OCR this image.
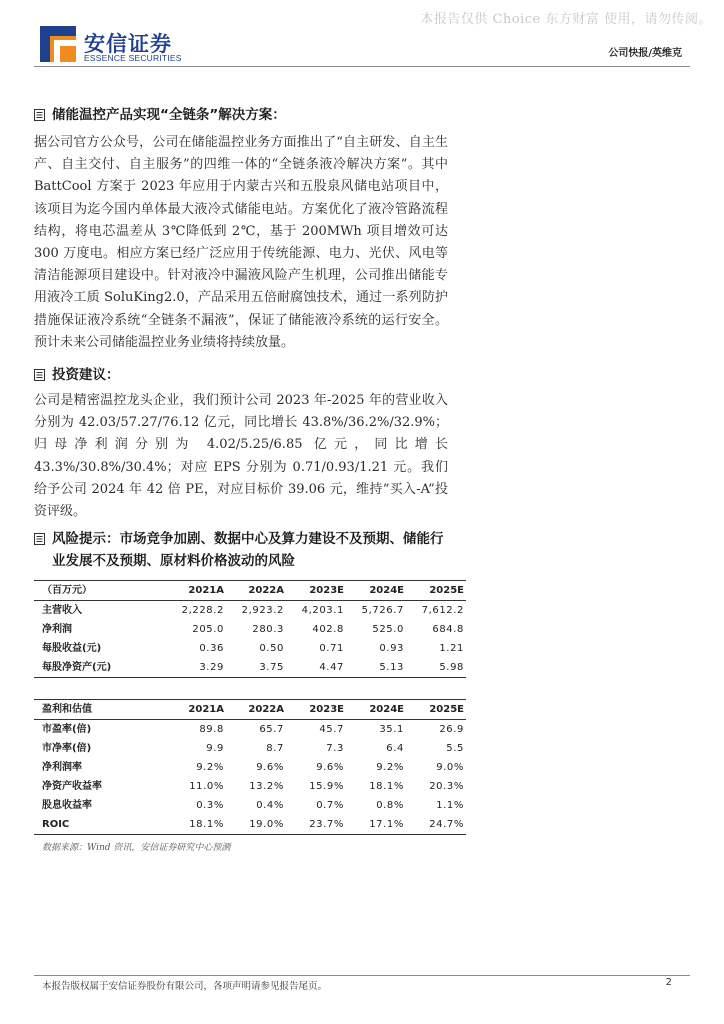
本报告仅供 Choice 东方财富 使用，请勿传阅。
安信证券
ESSENCE SECURITIES	公司快报/英维克
储能温控产品实现“全链条”解决方案：

据公司官方公众号，公司在储能温控业务方面推出了“自主研发、自主生产、自主交付、自主服务”的四维一体的“全链条液冷解决方案”。其中 BattCool 方案于 2023 年应用于内蒙古兴和五股泉风储电站项目中，该项目为迄今国内单体最大液冷式储能电站。方案优化了液冷管路流程结构，将电芯温差从 3℃降低到 2℃，基于 200MWh 项目增效可达 300 万度电。相应方案已经广泛应用于传统能源、电力、光伏、风电等清洁能源项目建设中。针对液冷中漏液风险产生机理，公司推出储能专用液冷工质 SoluKing2.0，产品采用五倍耐腐蚀技术，通过一系列防护措施保证液冷系统“全链条不漏液”，保证了储能液冷系统的运行安全。预计未来公司储能温控业务业绩将持续放量。

投资建议：

公司是精密温控龙头企业，我们预计公司 2023 年-2025 年的营业收入分别为 42.03/57.27/76.12 亿元，同比增长 43.8%/36.2%/32.9%；归母净利润分别为 4.02/5.25/6.85 亿元，同比增长 43.3%/30.8%/30.4%；对应 EPS 分别为 0.71/0.93/1.21 元。我们给予公司 2024 年 42 倍 PE，对应目标价 39.06 元，维持“买入-A”投资评级。

风险提示：市场竞争加剧、数据中心及算力建设不及预期、储能行业发展不及预期、原材料价格波动的风险
（百万元）	2021A	2022A	2023E	2024E	2025E
主营收入	2,228.2	2,923.2	4,203.1	5,726.7	7,612.2
净利润	205.0	280.3	402.8	525.0	684.8
每股收益(元)	0.36	0.50	0.71	0.93	1.21
每股净资产(元)	3.29	3.75	4.47	5.13	5.98
盈利和估值	2021A	2022A	2023E	2024E	2025E
市盈率(倍)	89.8	65.7	45.7	35.1	26.9
市净率(倍)	9.9	8.7	7.3	6.4	5.5
净利润率	9.2%	9.6%	9.6%	9.2%	9.0%
净资产收益率	11.0%	13.2%	15.9%	18.1%	20.3%
股息收益率	0.3%	0.4%	0.7%	0.8%	1.1%
ROIC	18.1%	19.0%	23.7%	17.1%	24.7%
数据来源：Wind 资讯，安信证券研究中心预测
本报告版权属于安信证券股份有限公司，各项声明请参见报告尾页。	2
